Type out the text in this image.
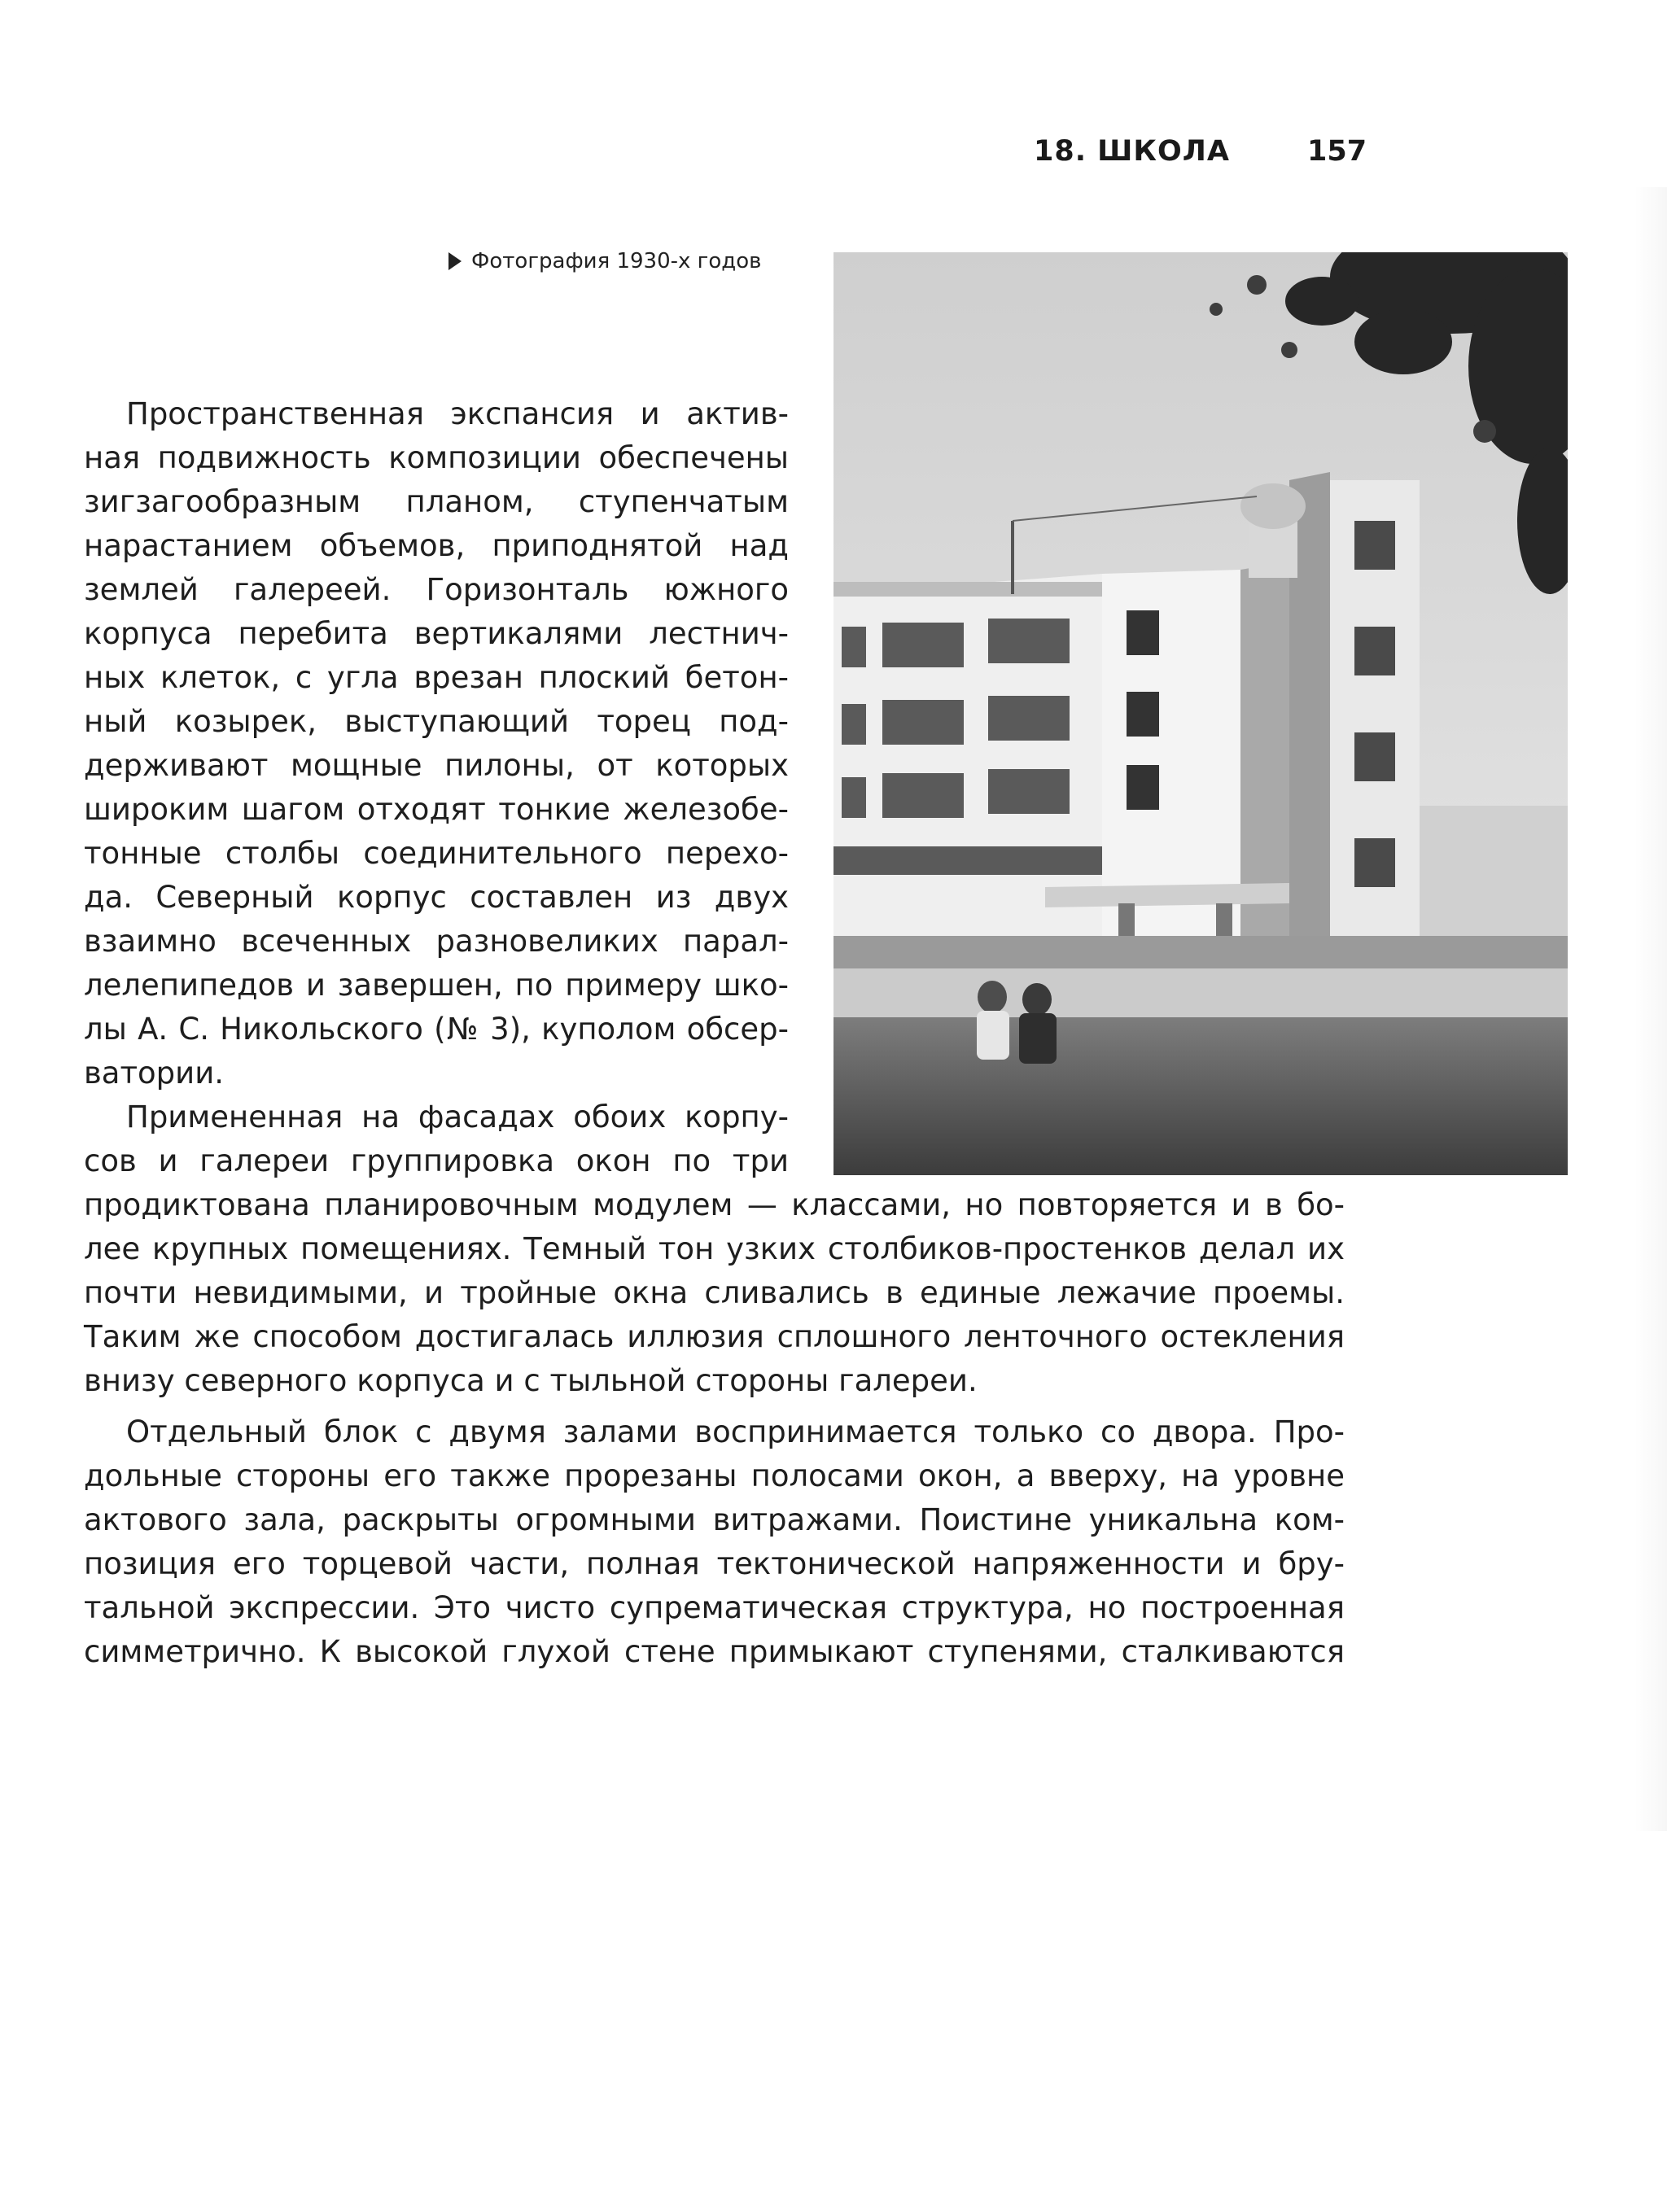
18. ШКОЛА	157
Фотография 1930-х годов
Пространственная экспансия и актив-
ная подвижность композиции обеспечены
зигзагообразным планом, ступенчатым
нарастанием объемов, приподнятой над
землей галереей. Горизонталь южного
корпуса перебита вертикалями лестнич-
ных клеток, с угла врезан плоский бетон-
ный козырек, выступающий торец под-
держивают мощные пилоны, от которых
широким шагом отходят тонкие железобе-
тонные столбы соединительного перехо-
да. Северный корпус составлен из двух
взаимно всеченных разновеликих парал-
лелепипедов и завершен, по примеру шко-
лы А. С. Никольского (№ 3), куполом обсер-
ватории.
Примененная на фасадах обоих корпу-
сов и галереи группировка окон по три
продиктована планировочным модулем — классами, но повторяется и в бо-
лее крупных помещениях. Темный тон узких столбиков-простенков делал их
почти невидимыми, и тройные окна сливались в единые лежачие проемы.
Таким же способом достигалась иллюзия сплошного ленточного остекления
внизу северного корпуса и с тыльной стороны галереи.
Отдельный блок с двумя залами воспринимается только со двора. Про-
дольные стороны его также прорезаны полосами окон, а вверху, на уровне
актового зала, раскрыты огромными витражами. Поистине уникальна ком-
позиция его торцевой части, полная тектонической напряженности и бру-
тальной экспрессии. Это чисто супрематическая структура, но построенная
симметрично. К высокой глухой стене примыкают ступенями, сталкиваются
